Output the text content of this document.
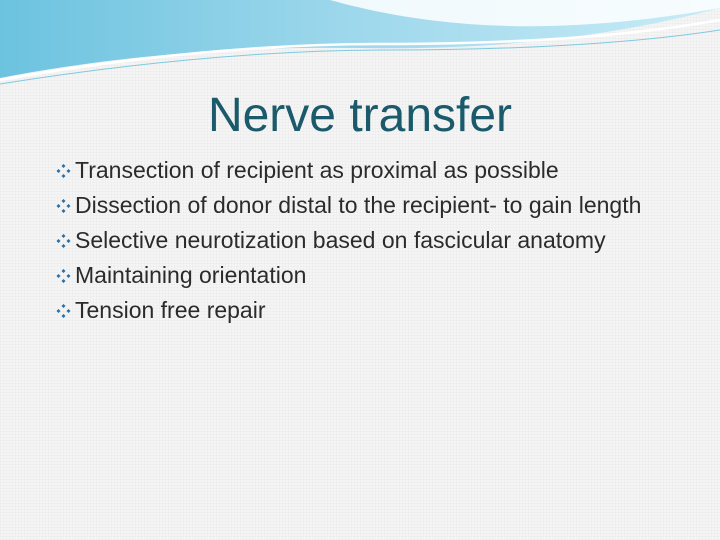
Nerve transfer
Transection of recipient as proximal as possible
Dissection of donor distal to the recipient- to gain length
Selective neurotization based on fascicular anatomy
Maintaining orientation
Tension free repair
